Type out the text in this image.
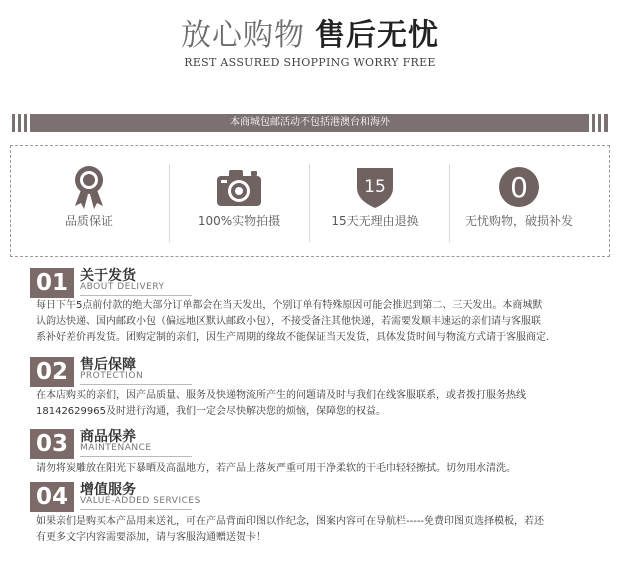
放心购物 售后无忧
REST ASSURED SHOPPING WORRY FREE
本商城包邮活动不包括港澳台和海外
品质保证	100%实物拍摄
15
15天无理由退换
0
无忧购物，破损补发
01 关于发货
ABOUT DELIVERY
每日下午5点前付款的绝大部分订单都会在当天发出，个别订单有特殊原因可能会推迟到第二、三天发出。本商城默
认韵达快递、国内邮政小包（偏远地区默认邮政小包），不接受备注其他快递，若需要发顺丰速运的亲们请与客服联
系补好差价再发货。团购定制的亲们，因生产周期的缘故不能保证当天发货，具体发货时间与物流方式请于客服商定.
02 售后保障
PROTECTION
在本店购买的亲们，因产品质量、服务及快递物流所产生的问题请及时与我们在线客服联系，或者拨打服务热线
18142629965及时进行沟通，我们一定会尽快解决您的烦恼，保障您的权益。
03 商品保养
MAINTENANCE
请勿将炭雕放在阳光下暴晒及高温地方，若产品上落灰严重可用干净柔软的干毛巾轻轻擦拭。切勿用水清洗。
04 增值服务
VALUE-ADDED SERVICES
如果亲们是购买本产品用来送礼，可在产品背面印图以作纪念，图案内容可在导航栏-----免费印图页选择模板，若还
有更多文字内容需要添加，请与客服沟通赠送贺卡！
